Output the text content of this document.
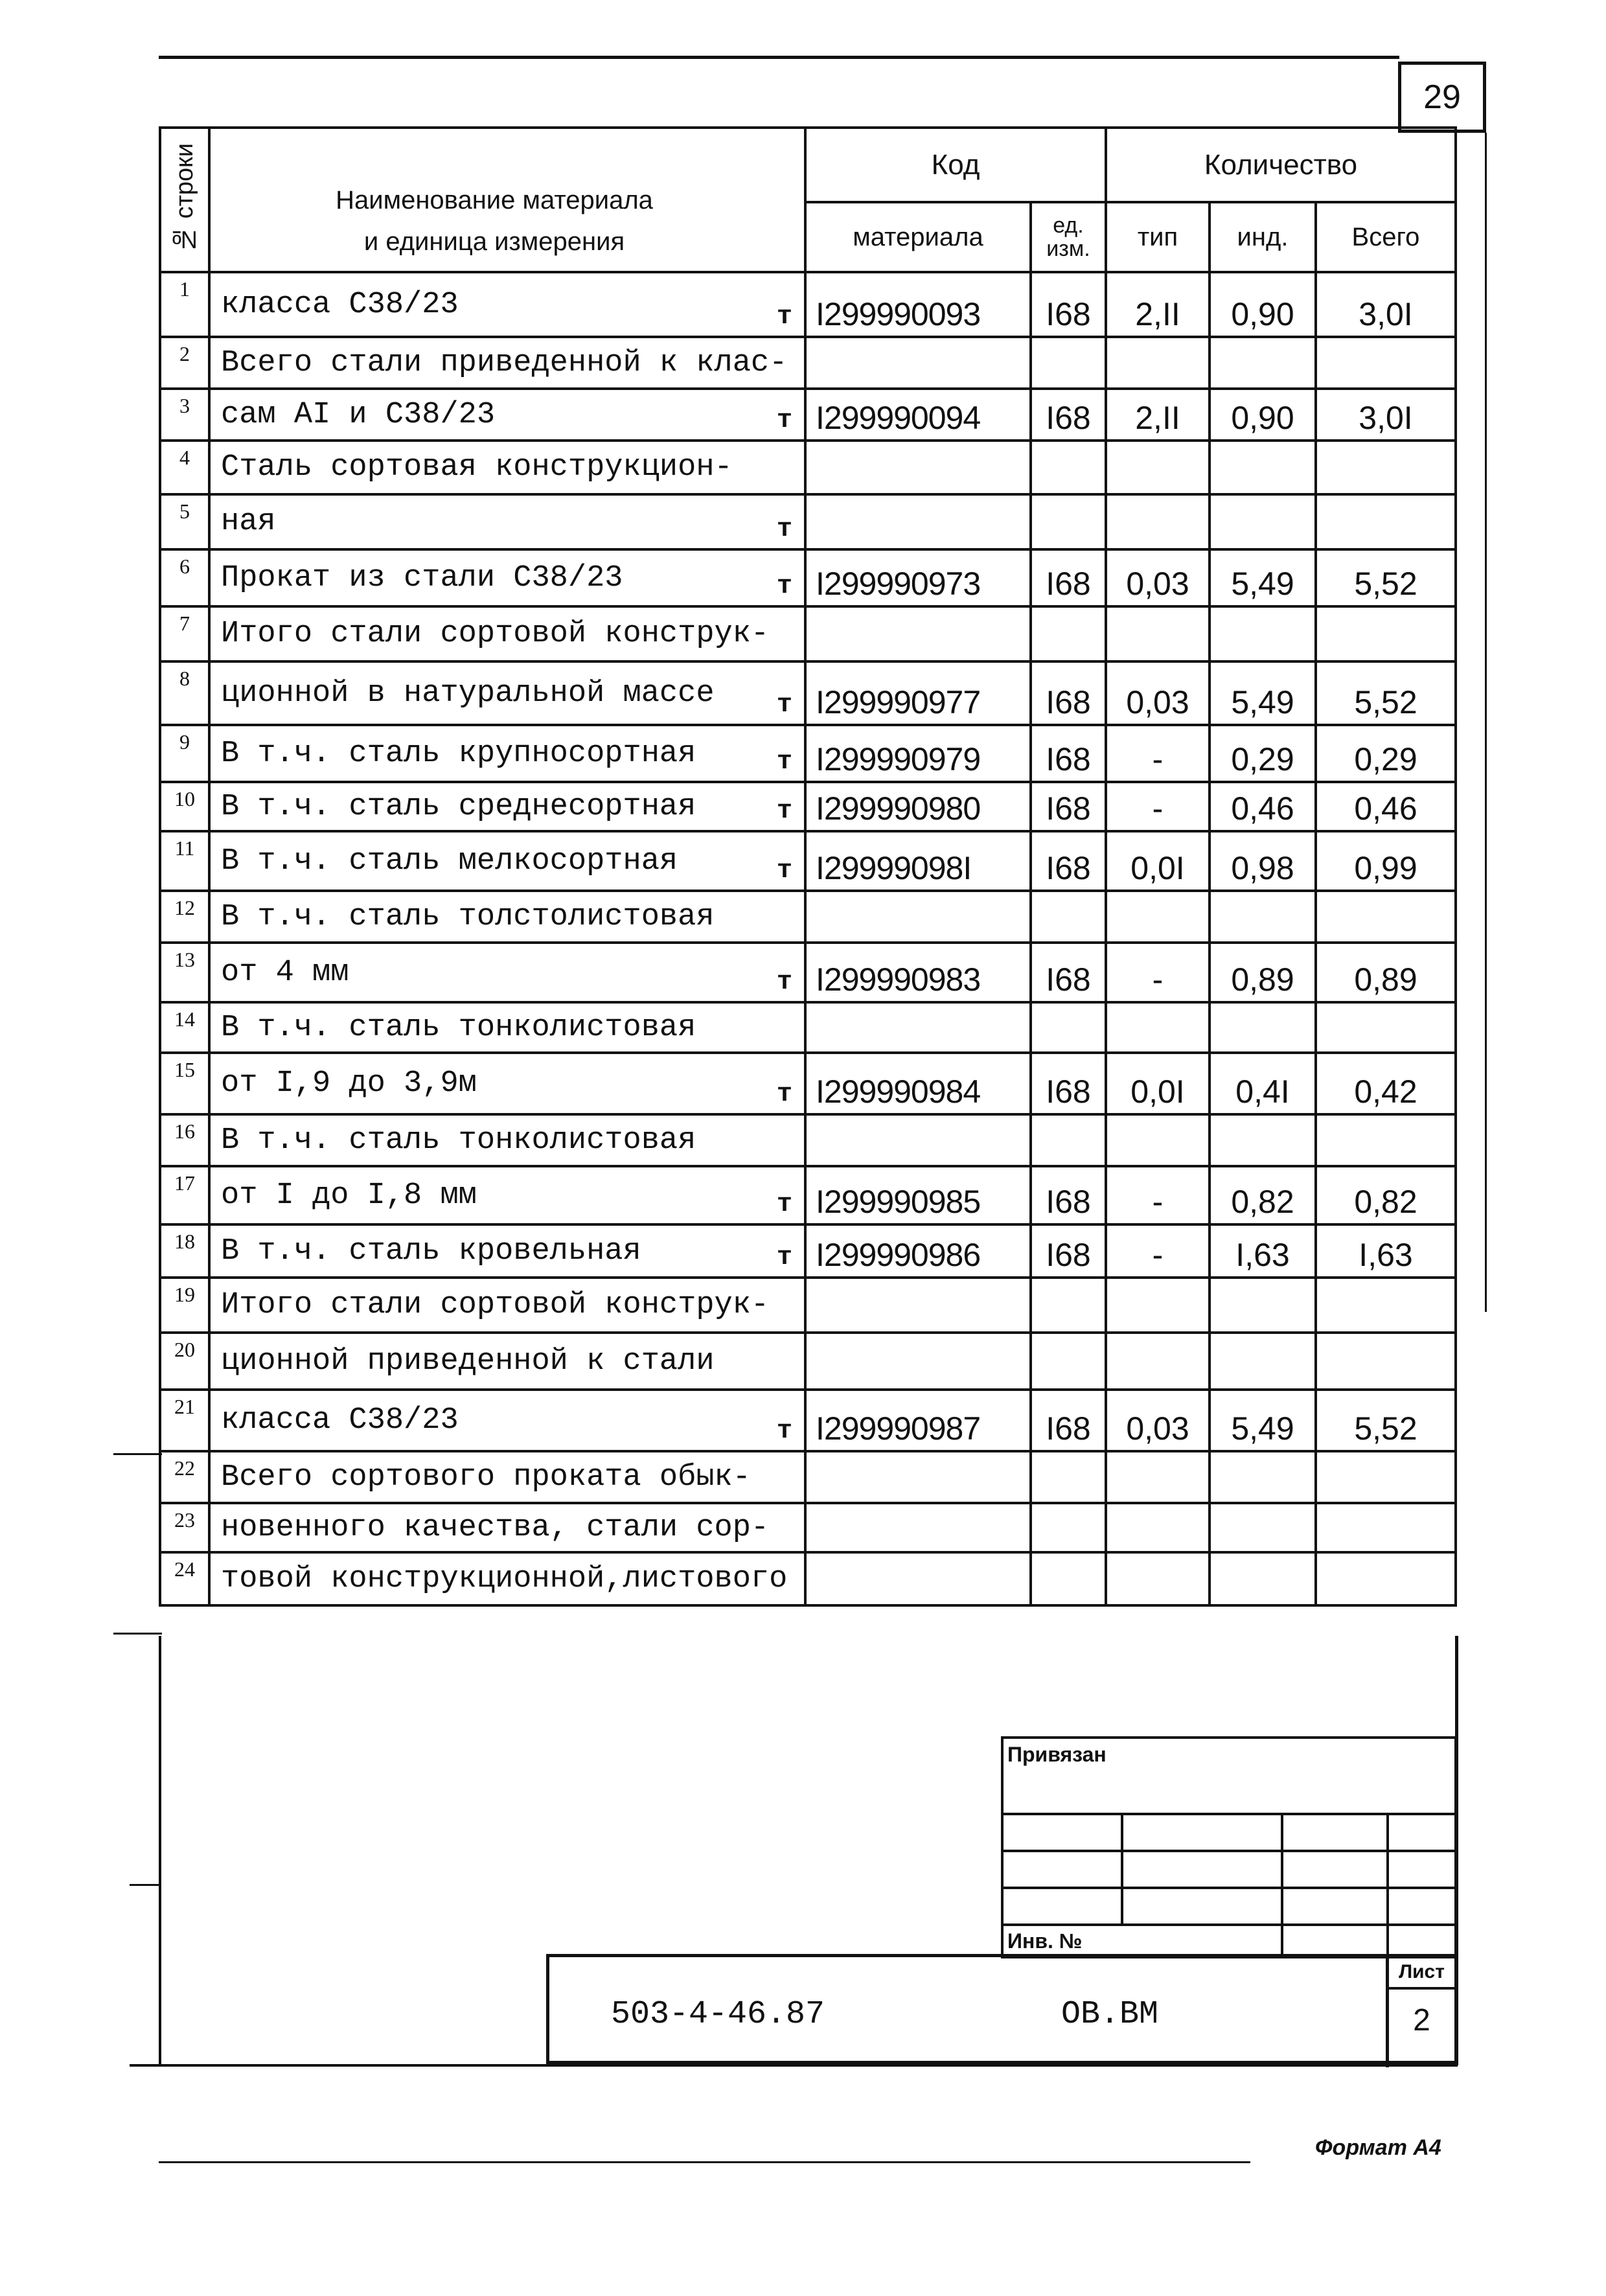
29
№ строки	Наименование материала
и единица измерения	Код		Количество		
		материала	ед. изм.	тип	инд.	Всего
1	класса С38/23 т	I299990093	I68	2,II	0,90	3,0I
2	Всего стали приведенной к клас-

3	сам АI и С38/23 т	I299990094	I68	2,II	0,90	3,0I
4	Сталь сортовая конструкцион-

5	ная т					

6	Прокат из стали С38/23 т	I299990973	I68	0,03	5,49	5,52
7	Итого стали сортовой конструк-

8	ционной в натуральной массе т	I299990977	I68	0,03	5,49	5,52
9	В т.ч. сталь крупносортная т	I299990979	I68	-	0,29	0,29
10	В т.ч. сталь среднесортная т	I299990980	I68	-	0,46	0,46
11	В т.ч. сталь мелкосортная т	I29999098I	I68	0,0I	0,98	0,99
12	В т.ч. сталь толстолистовая

13	от 4 мм т	I299990983	I68	-	0,89	0,89
14	В т.ч. сталь тонколистовая

15	от I,9 до 3,9м т	I299990984	I68	0,0I	0,4I	0,42
16	В т.ч. сталь тонколистовая

17	от I до I,8 мм т	I299990985	I68	-	0,82	0,82
18	В т.ч. сталь кровельная т	I299990986	I68	-	I,63	I,63
19	Итого стали сортовой конструк-

20	ционной приведенной к стали

21	класса С38/23 т	I299990987	I68	0,03	5,49	5,52
22	Всего сортового проката обык-

23	новенного качества, стали сор-

24	товой конструкционной,листового

Привязан			

Инв. №			
503-4-46.87	ОВ.ВМ
Лист
2
Формат А4
